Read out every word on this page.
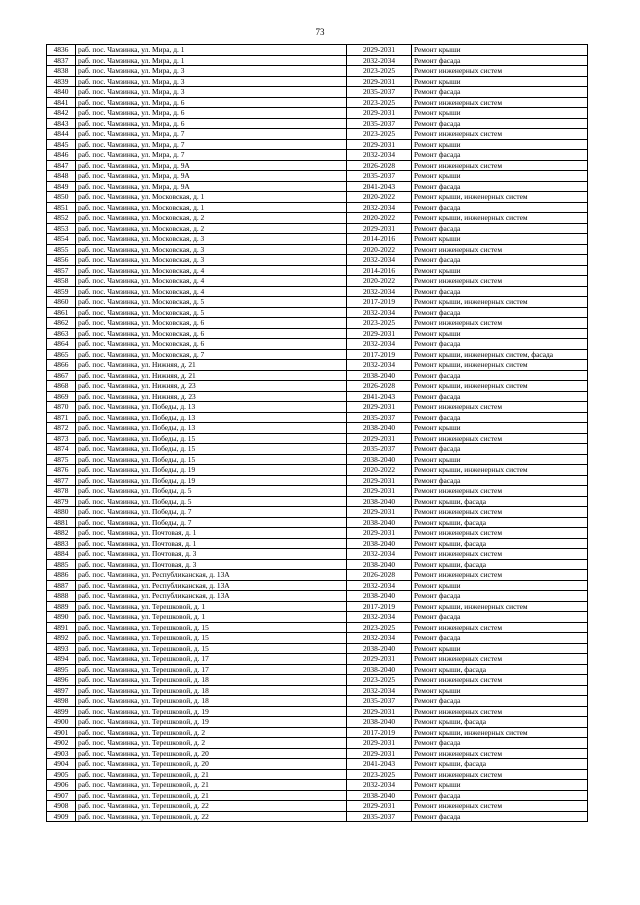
73
4836	раб. пос. Чамзинка, ул. Мира, д. 1	2029-2031	Ремонт крыши
4837	раб. пос. Чамзинка, ул. Мира, д. 1	2032-2034	Ремонт фасада
4838	раб. пос. Чамзинка, ул. Мира, д. 3	2023-2025	Ремонт инженерных систем
4839	раб. пос. Чамзинка, ул. Мира, д. 3	2029-2031	Ремонт крыши
4840	раб. пос. Чамзинка, ул. Мира, д. 3	2035-2037	Ремонт фасада
4841	раб. пос. Чамзинка, ул. Мира, д. 6	2023-2025	Ремонт инженерных систем
4842	раб. пос. Чамзинка, ул. Мира, д. 6	2029-2031	Ремонт крыши
4843	раб. пос. Чамзинка, ул. Мира, д. 6	2035-2037	Ремонт фасада
4844	раб. пос. Чамзинка, ул. Мира, д. 7	2023-2025	Ремонт инженерных систем
4845	раб. пос. Чамзинка, ул. Мира, д. 7	2029-2031	Ремонт крыши
4846	раб. пос. Чамзинка, ул. Мира, д. 7	2032-2034	Ремонт фасада
4847	раб. пос. Чамзинка, ул. Мира, д. 9А	2026-2028	Ремонт инженерных систем
4848	раб. пос. Чамзинка, ул. Мира, д. 9А	2035-2037	Ремонт крыши
4849	раб. пос. Чамзинка, ул. Мира, д. 9А	2041-2043	Ремонт фасада
4850	раб. пос. Чамзинка, ул. Московская, д. 1	2020-2022	Ремонт крыши, инженерных систем
4851	раб. пос. Чамзинка, ул. Московская, д. 1	2032-2034	Ремонт фасада
4852	раб. пос. Чамзинка, ул. Московская, д. 2	2020-2022	Ремонт крыши, инженерных систем
4853	раб. пос. Чамзинка, ул. Московская, д. 2	2029-2031	Ремонт фасада
4854	раб. пос. Чамзинка, ул. Московская, д. 3	2014-2016	Ремонт крыши
4855	раб. пос. Чамзинка, ул. Московская, д. 3	2020-2022	Ремонт инженерных систем
4856	раб. пос. Чамзинка, ул. Московская, д. 3	2032-2034	Ремонт фасада
4857	раб. пос. Чамзинка, ул. Московская, д. 4	2014-2016	Ремонт крыши
4858	раб. пос. Чамзинка, ул. Московская, д. 4	2020-2022	Ремонт инженерных систем
4859	раб. пос. Чамзинка, ул. Московская, д. 4	2032-2034	Ремонт фасада
4860	раб. пос. Чамзинка, ул. Московская, д. 5	2017-2019	Ремонт крыши, инженерных систем
4861	раб. пос. Чамзинка, ул. Московская, д. 5	2032-2034	Ремонт фасада
4862	раб. пос. Чамзинка, ул. Московская, д. 6	2023-2025	Ремонт инженерных систем
4863	раб. пос. Чамзинка, ул. Московская, д. 6	2029-2031	Ремонт крыши
4864	раб. пос. Чамзинка, ул. Московская, д. 6	2032-2034	Ремонт фасада
4865	раб. пос. Чамзинка, ул. Московская, д. 7	2017-2019	Ремонт крыши, инженерных систем, фасада
4866	раб. пос. Чамзинка, ул. Нижняя, д. 21	2032-2034	Ремонт крыши, инженерных систем
4867	раб. пос. Чамзинка, ул. Нижняя, д. 21	2038-2040	Ремонт фасада
4868	раб. пос. Чамзинка, ул. Нижняя, д. 23	2026-2028	Ремонт крыши, инженерных систем
4869	раб. пос. Чамзинка, ул. Нижняя, д. 23	2041-2043	Ремонт фасада
4870	раб. пос. Чамзинка, ул. Победы, д. 13	2029-2031	Ремонт инженерных систем
4871	раб. пос. Чамзинка, ул. Победы, д. 13	2035-2037	Ремонт фасада
4872	раб. пос. Чамзинка, ул. Победы, д. 13	2038-2040	Ремонт крыши
4873	раб. пос. Чамзинка, ул. Победы, д. 15	2029-2031	Ремонт инженерных систем
4874	раб. пос. Чамзинка, ул. Победы, д. 15	2035-2037	Ремонт фасада
4875	раб. пос. Чамзинка, ул. Победы, д. 15	2038-2040	Ремонт крыши
4876	раб. пос. Чамзинка, ул. Победы, д. 19	2020-2022	Ремонт крыши, инженерных систем
4877	раб. пос. Чамзинка, ул. Победы, д. 19	2029-2031	Ремонт фасада
4878	раб. пос. Чамзинка, ул. Победы, д. 5	2029-2031	Ремонт инженерных систем
4879	раб. пос. Чамзинка, ул. Победы, д. 5	2038-2040	Ремонт крыши, фасада
4880	раб. пос. Чамзинка, ул. Победы, д. 7	2029-2031	Ремонт инженерных систем
4881	раб. пос. Чамзинка, ул. Победы, д. 7	2038-2040	Ремонт крыши, фасада
4882	раб. пос. Чамзинка, ул. Почтовая, д. 1	2029-2031	Ремонт инженерных систем
4883	раб. пос. Чамзинка, ул. Почтовая, д. 1	2038-2040	Ремонт крыши, фасада
4884	раб. пос. Чамзинка, ул. Почтовая, д. 3	2032-2034	Ремонт инженерных систем
4885	раб. пос. Чамзинка, ул. Почтовая, д. 3	2038-2040	Ремонт крыши, фасада
4886	раб. пос. Чамзинка, ул. Республиканская, д. 13А	2026-2028	Ремонт инженерных систем
4887	раб. пос. Чамзинка, ул. Республиканская, д. 13А	2032-2034	Ремонт крыши
4888	раб. пос. Чамзинка, ул. Республиканская, д. 13А	2038-2040	Ремонт фасада
4889	раб. пос. Чамзинка, ул. Терешковой, д. 1	2017-2019	Ремонт крыши, инженерных систем
4890	раб. пос. Чамзинка, ул. Терешковой, д. 1	2032-2034	Ремонт фасада
4891	раб. пос. Чамзинка, ул. Терешковой, д. 15	2023-2025	Ремонт инженерных систем
4892	раб. пос. Чамзинка, ул. Терешковой, д. 15	2032-2034	Ремонт фасада
4893	раб. пос. Чамзинка, ул. Терешковой, д. 15	2038-2040	Ремонт крыши
4894	раб. пос. Чамзинка, ул. Терешковой, д. 17	2029-2031	Ремонт инженерных систем
4895	раб. пос. Чамзинка, ул. Терешковой, д. 17	2038-2040	Ремонт крыши, фасада
4896	раб. пос. Чамзинка, ул. Терешковой, д. 18	2023-2025	Ремонт инженерных систем
4897	раб. пос. Чамзинка, ул. Терешковой, д. 18	2032-2034	Ремонт крыши
4898	раб. пос. Чамзинка, ул. Терешковой, д. 18	2035-2037	Ремонт фасада
4899	раб. пос. Чамзинка, ул. Терешковой, д. 19	2029-2031	Ремонт инженерных систем
4900	раб. пос. Чамзинка, ул. Терешковой, д. 19	2038-2040	Ремонт крыши, фасада
4901	раб. пос. Чамзинка, ул. Терешковой, д. 2	2017-2019	Ремонт крыши, инженерных систем
4902	раб. пос. Чамзинка, ул. Терешковой, д. 2	2029-2031	Ремонт фасада
4903	раб. пос. Чамзинка, ул. Терешковой, д. 20	2029-2031	Ремонт инженерных систем
4904	раб. пос. Чамзинка, ул. Терешковой, д. 20	2041-2043	Ремонт крыши, фасада
4905	раб. пос. Чамзинка, ул. Терешковой, д. 21	2023-2025	Ремонт инженерных систем
4906	раб. пос. Чамзинка, ул. Терешковой, д. 21	2032-2034	Ремонт крыши
4907	раб. пос. Чамзинка, ул. Терешковой, д. 21	2038-2040	Ремонт фасада
4908	раб. пос. Чамзинка, ул. Терешковой, д. 22	2029-2031	Ремонт инженерных систем
4909	раб. пос. Чамзинка, ул. Терешковой, д. 22	2035-2037	Ремонт фасада
